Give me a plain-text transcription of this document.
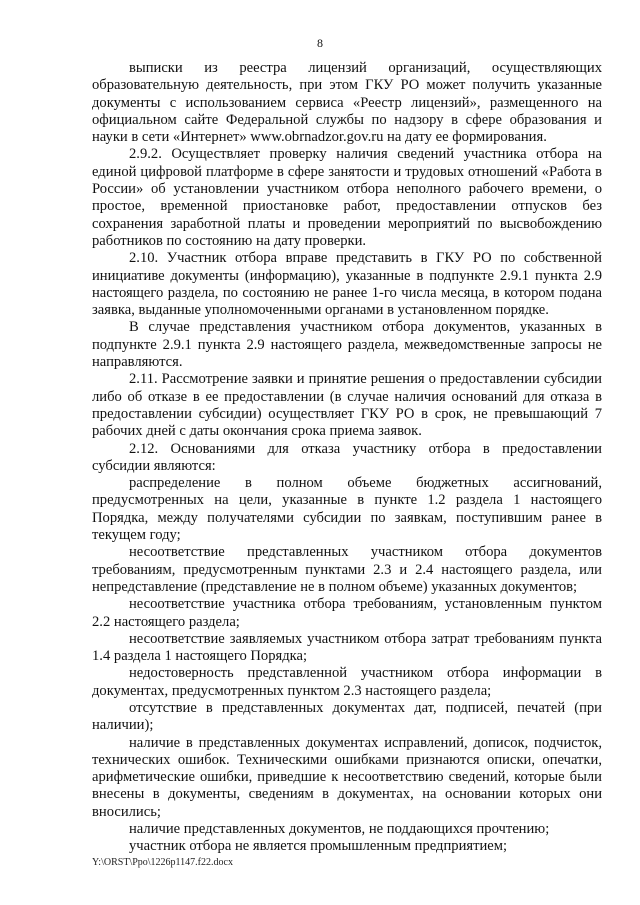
8

выписки из реестра лицензий организаций, осуществляющих образовательную деятельность, при этом ГКУ РО может получить указанные документы с использованием сервиса «Реестр лицензий», размещенного на официальном сайте Федеральной службы по надзору в сфере образования и науки в сети «Интернет» www.obrnadzor.gov.ru на дату ее формирования.

2.9.2. Осуществляет проверку наличия сведений участника отбора на единой цифровой платформе в сфере занятости и трудовых отношений «Работа в России» об установлении участником отбора неполного рабочего времени, о простое, временной приостановке работ, предоставлении отпусков без сохранения заработной платы и проведении мероприятий по высвобождению работников по состоянию на дату проверки.

2.10. Участник отбора вправе представить в ГКУ РО по собственной инициативе документы (информацию), указанные в подпункте 2.9.1 пункта 2.9 настоящего раздела, по состоянию не ранее 1-го числа месяца, в котором подана заявка, выданные уполномоченными органами в установленном порядке.

В случае представления участником отбора документов, указанных в подпункте 2.9.1 пункта 2.9 настоящего раздела, межведомственные запросы не направляются.

2.11. Рассмотрение заявки и принятие решения о предоставлении субсидии либо об отказе в ее предоставлении (в случае наличия оснований для отказа в предоставлении субсидии) осуществляет ГКУ РО в срок, не превышающий 7 рабочих дней с даты окончания срока приема заявок.

2.12. Основаниями для отказа участнику отбора в предоставлении субсидии являются:

распределение в полном объеме бюджетных ассигнований, предусмотренных на цели, указанные в пункте 1.2 раздела 1 настоящего Порядка, между получателями субсидии по заявкам, поступившим ранее в текущем году;

несоответствие представленных участником отбора документов требованиям, предусмотренным пунктами 2.3 и 2.4 настоящего раздела, или непредставление (представление не в полном объеме) указанных документов;

несоответствие участника отбора требованиям, установленным пунктом 2.2 настоящего раздела;

несоответствие заявляемых участником отбора затрат требованиям пункта 1.4 раздела 1 настоящего Порядка;

недостоверность представленной участником отбора информации в документах, предусмотренных пунктом 2.3 настоящего раздела;

отсутствие в представленных документах дат, подписей, печатей (при наличии);

наличие в представленных документах исправлений, дописок, подчисток, технических ошибок. Техническими ошибками признаются описки, опечатки, арифметические ошибки, приведшие к несоответствию сведений, которые были внесены в документы, сведениям в документах, на основании которых они вносились;

наличие представленных документов, не поддающихся прочтению;

участник отбора не является промышленным предприятием;

Y:\ORST\Ppo\1226p1147.f22.docx
